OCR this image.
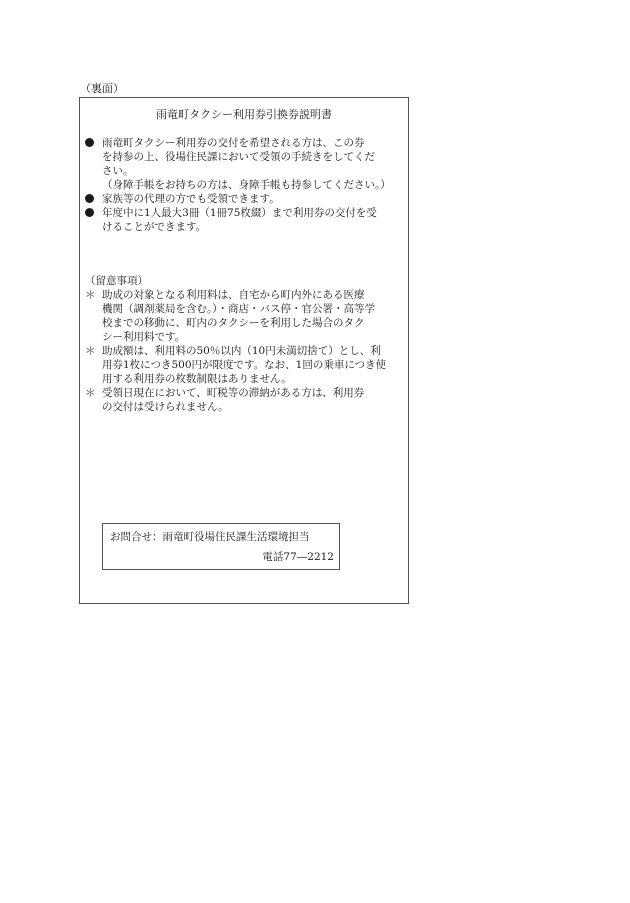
（裏面）
雨竜町タクシー利用券引換券説明書
雨竜町タクシー利用券の交付を希望される方は、この券
を持参の上、役場住民課において受領の手続きをしてくだ
さい。
（身障手帳をお持ちの方は、身障手帳も持参してください。）
家族等の代理の方でも受領できます。
年度中に1人最大3冊（1冊75枚綴）まで利用券の交付を受
けることができます。
（留意事項）
＊ 助成の対象となる利用料は、自宅から町内外にある医療
機関（調剤薬局を含む。）・商店・バス停・官公署・高等学
校までの移動に、町内のタクシーを利用した場合のタク
シー利用料です。
＊ 助成額は、利用料の50％以内（10円未満切捨て）とし、利
用券1枚につき500円が限度です。なお、1回の乗車につき使
用する利用券の枚数制限はありません。
＊ 受領日現在において、町税等の滞納がある方は、利用券
の交付は受けられません。
お問合せ：雨竜町役場住民課生活環境担当
電話77―2212
